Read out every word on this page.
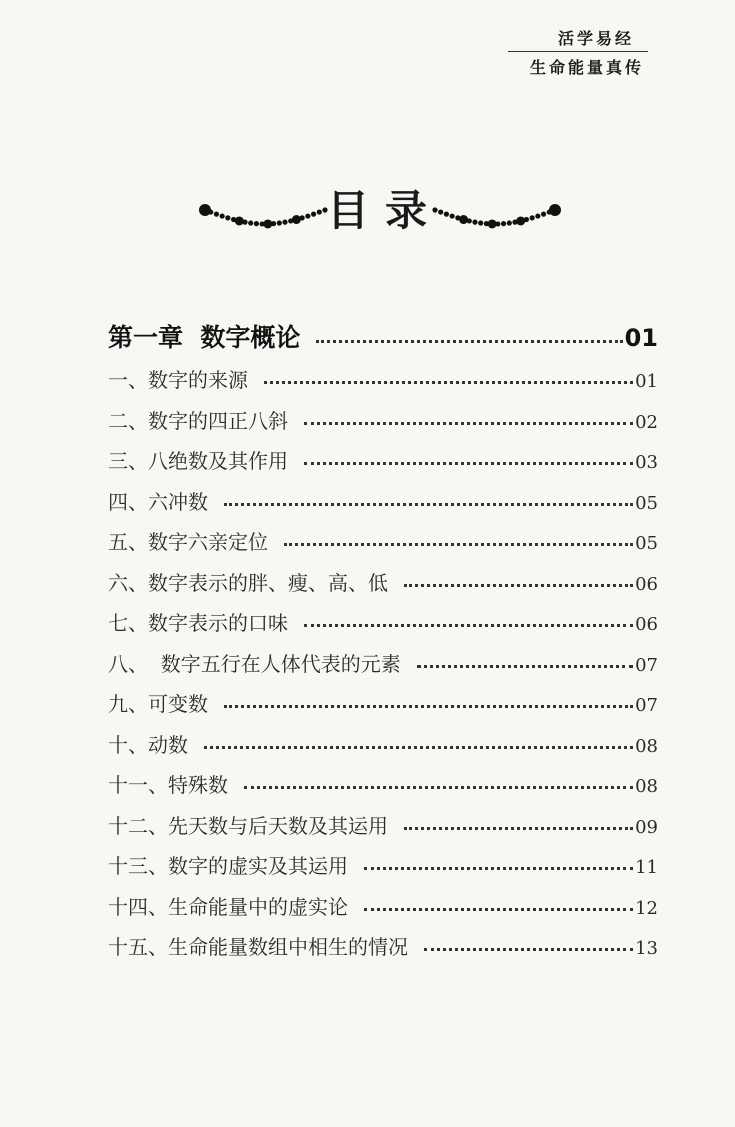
活学易经
生命能量真传
目录
第一章  数字概论	01
一、数字的来源	01
二、数字的四正八斜	02
三、八绝数及其作用	03
四、六冲数	05
五、数字六亲定位	05
六、数字表示的胖、瘦、高、低	06
七、数字表示的口味	06
八、  数字五行在人体代表的元素	07
九、可变数	07
十、动数	08
十一、特殊数	08
十二、先天数与后天数及其运用	09
十三、数字的虚实及其运用	11
十四、生命能量中的虚实论	12
十五、生命能量数组中相生的情况	13
